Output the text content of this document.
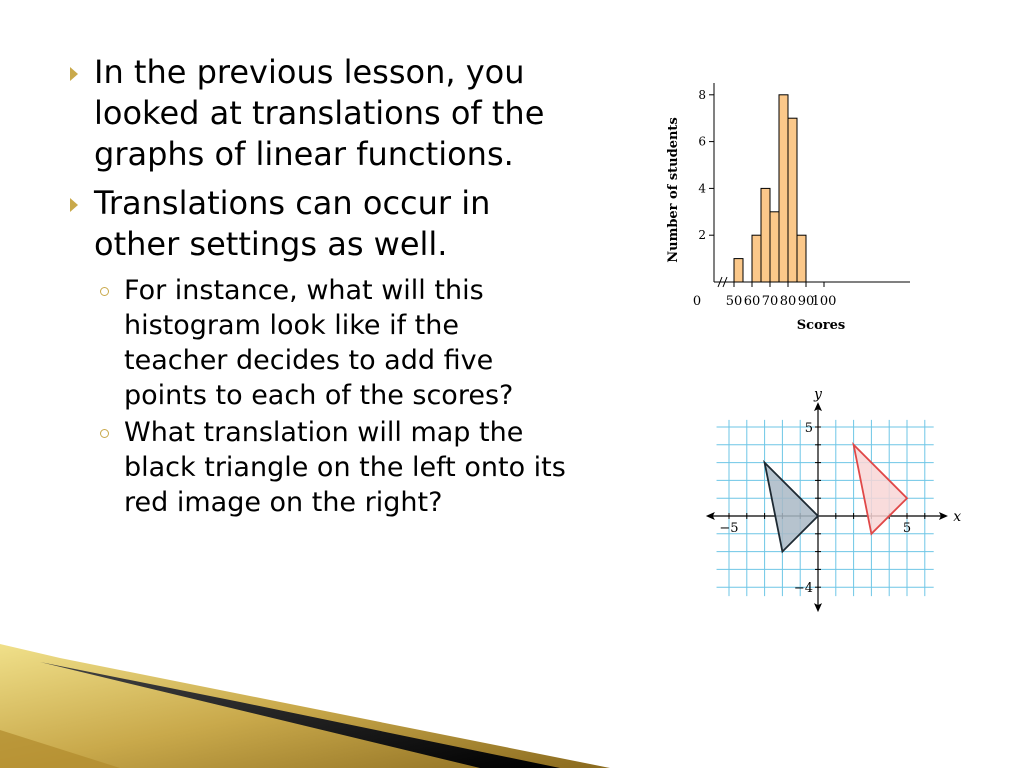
In the previous lesson, you looked at translations of the graphs of linear functions.
Translations can occur in other settings as well.
For instance, what will this histogram look like if the teacher decides to add five points to each of the scores?
What translation will map the black triangle on the left onto its red image on the right?
2
4
6
8
0 50 60 70 80 90
100
Scores
Number of students
x
y
−5	5
5
−4
